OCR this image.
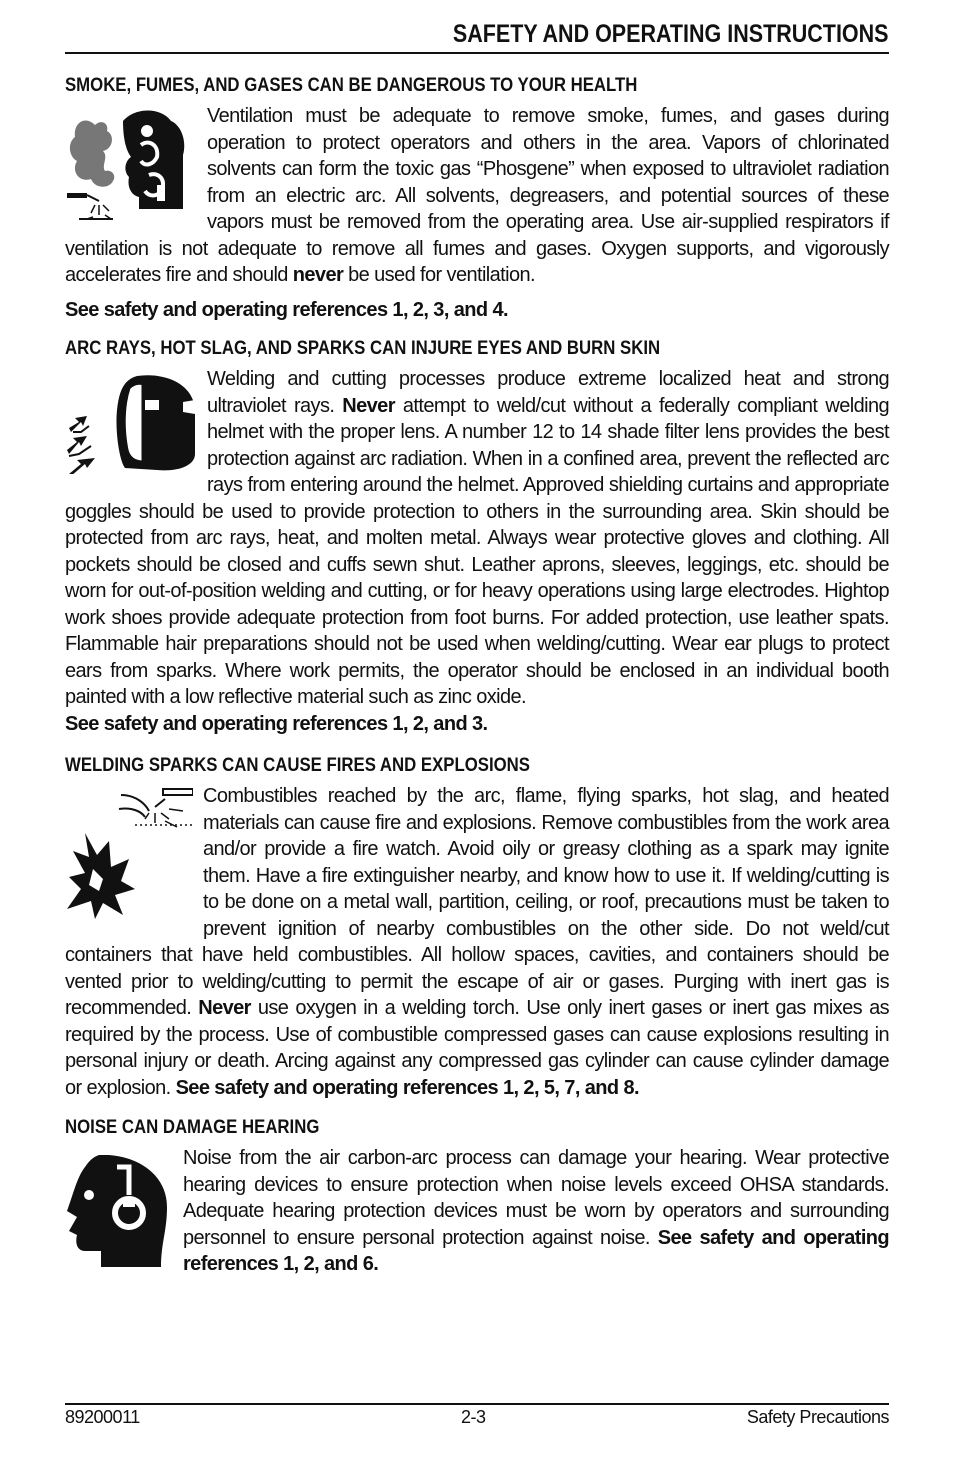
SAFETY AND OPERATING INSTRUCTIONS
SMOKE, FUMES, AND GASES CAN BE DANGEROUS TO YOUR HEALTH
Ventilation must be adequate to remove smoke, fumes, and gases during operation to protect operators and others in the area. Vapors of chlorinated solvents can form the toxic gas “Phosgene” when exposed to ultraviolet radiation from an electric arc. All solvents, degreasers, and potential sources of these vapors must be removed from the operating area. Use air-supplied respirators if ventilation is not adequate to remove all fumes and gases. Oxygen supports, and vigorously accelerates fire and should never be used for ventilation.
See safety and operating references 1, 2, 3, and 4.
ARC RAYS, HOT SLAG, AND SPARKS CAN INJURE EYES AND BURN SKIN
Welding and cutting processes produce extreme localized heat and strong ultraviolet rays. Never attempt to weld/cut without a federally compliant welding helmet with the proper lens. A number 12 to 14 shade filter lens provides the best protection against arc radiation. When in a confined area, prevent the reflected arc rays from entering around the helmet. Approved shielding curtains and appropriate goggles should be used to provide protection to others in the surrounding area. Skin should be protected from arc rays, heat, and molten metal. Always wear protective gloves and clothing. All pockets should be closed and cuffs sewn shut. Leather aprons, sleeves, leggings, etc. should be worn for out-of-position welding and cutting, or for heavy operations using large electrodes. Hightop work shoes provide adequate protection from foot burns. For added protection, use leather spats. Flammable hair preparations should not be used when welding/cutting. Wear ear plugs to protect ears from sparks. Where work permits, the operator should be enclosed in an individual booth painted with a low reflective material such as zinc oxide.
See safety and operating references 1, 2, and 3.
WELDING SPARKS CAN CAUSE FIRES AND EXPLOSIONS
Combustibles reached by the arc, flame, flying sparks, hot slag, and heated materials can cause fire and explosions. Remove combustibles from the work area and/or provide a fire watch. Avoid oily or greasy clothing as a spark may ignite them. Have a fire extinguisher nearby, and know how to use it. If welding/cutting is to be done on a metal wall, partition, ceiling, or roof, precautions must be taken to prevent ignition of nearby combustibles on the other side. Do not weld/cut containers that have held combustibles. All hollow spaces, cavities, and containers should be vented prior to welding/cutting to permit the escape of air or gases. Purging with inert gas is recommended. Never use oxygen in a welding torch. Use only inert gases or inert gas mixes as required by the process. Use of combustible compressed gases can cause explosions resulting in personal injury or death. Arcing against any compressed gas cylinder can cause cylinder damage or explosion. See safety and operating references 1, 2, 5, 7, and 8.
NOISE CAN DAMAGE HEARING
Noise from the air carbon-arc process can damage your hearing. Wear protective hearing devices to ensure protection when noise levels exceed OHSA standards. Adequate hearing protection devices must be worn by operators and surrounding personnel to ensure personal protection against noise. See safety and operating references 1, 2, and 6.
89200011	2-3	Safety Precautions
